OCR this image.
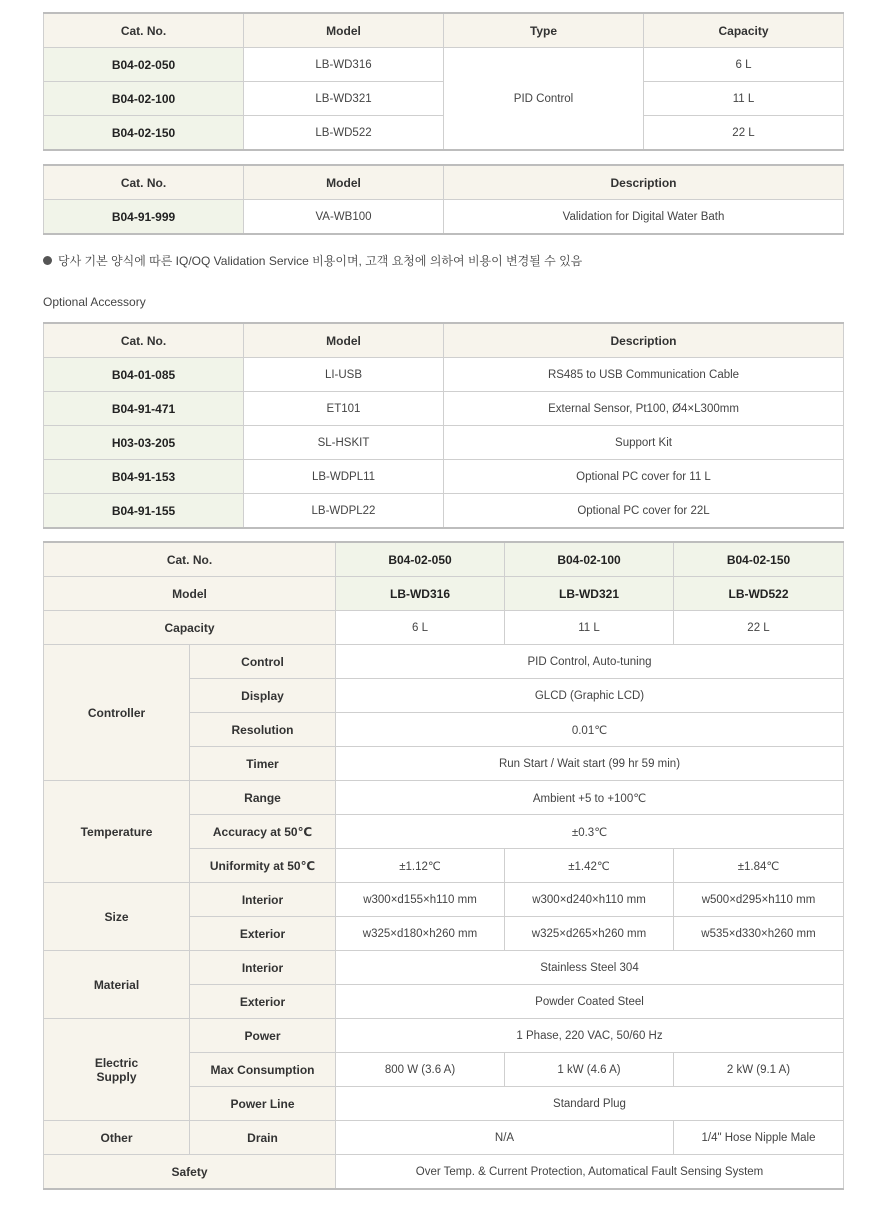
Cat. No.	Model	Type	Capacity
B04-02-050	LB-WD316	PID Control	6 L
B04-02-100	LB-WD321		11 L
B04-02-150	LB-WD522		22 L
Cat. No.	Model	Description
B04-91-999	VA-WB100	Validation for Digital Water Bath
당사 기본 양식에 따른 IQ/OQ Validation Service 비용이며, 고객 요청에 의하여 비용이 변경될 수 있음
Optional Accessory
Cat. No.	Model	Description
B04-01-085	LI-USB	RS485 to USB Communication Cable
B04-91-471	ET101	External Sensor, Pt100, Ø4×L300mm
H03-03-205	SL-HSKIT	Support Kit
B04-91-153	LB-WDPL11	Optional PC cover for 11 L
B04-91-155	LB-WDPL22	Optional PC cover for 22L
Cat. No.		B04-02-050	B04-02-100	B04-02-150
Model		LB-WD316	LB-WD321	LB-WD522
Capacity		6 L	11 L	22 L
Controller	Control	PID Control, Auto-tuning		
	Display	GLCD (Graphic LCD)		
	Resolution	0.01℃		
	Timer	Run Start / Wait start (99 hr 59 min)		
Temperature	Range	Ambient +5 to +100℃		
	Accuracy at 50℃	±0.3℃		
	Uniformity at 50℃	±1.12℃	±1.42℃	±1.84℃
Size	Interior	w300×d155×h110 mm	w300×d240×h110 mm	w500×d295×h110 mm
	Exterior	w325×d180×h260 mm	w325×d265×h260 mm	w535×d330×h260 mm
Material	Interior	Stainless Steel 304		
	Exterior	Powder Coated Steel		
Electric Supply	Power	1 Phase, 220 VAC, 50/60 Hz		
	Max Consumption	800 W (3.6 A)	1 kW (4.6 A)	2 kW (9.1 A)
	Power Line	Standard Plug		
Other	Drain	N/A		1/4" Hose Nipple Male
Safety		Over Temp. & Current Protection, Automatical Fault Sensing System		
